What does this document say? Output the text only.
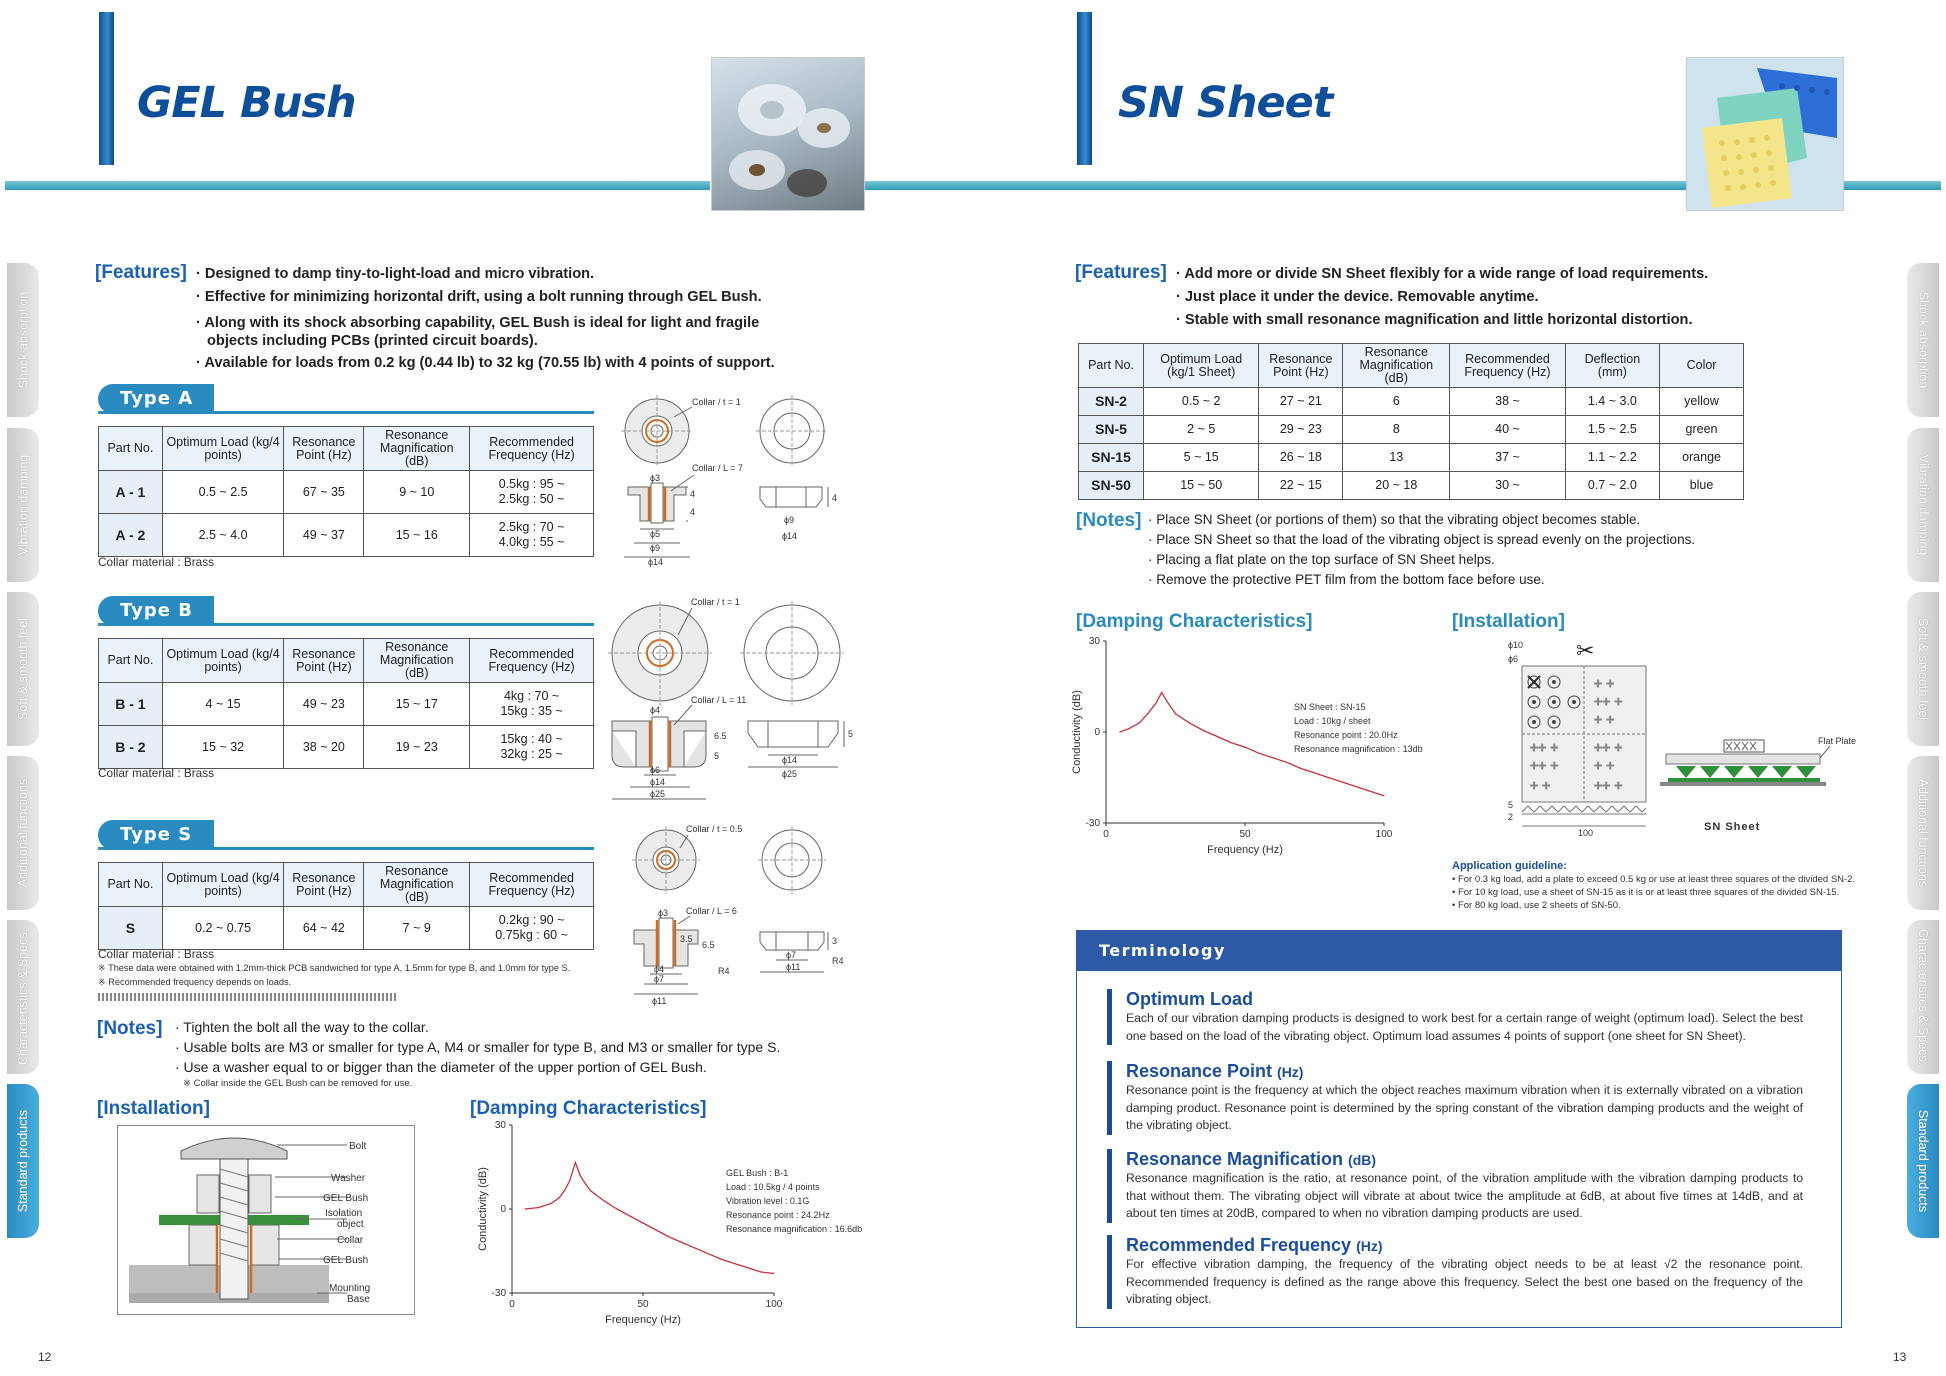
GEL Bush	SN Sheet
Shock absorption
Vibration damping
Soft & smooth feel
Additional functions
Characteristics & Specs.
Standard products
Shock absorption
Vibration damping
Soft & smooth feel
Additional functions
Characteristics & Specs.
Standard products
[Features] · Designed to damp tiny-to-light-load and micro vibration.
· Effective for minimizing horizontal drift, using a bolt running through GEL Bush.
· Along with its shock absorbing capability, GEL Bush is ideal for light and fragile
objects including PCBs (printed circuit boards).
· Available for loads from 0.2 kg (0.44 lb) to 32 kg (70.55 lb) with 4 points of support.
Type A
Part No.	Optimum Load (kg/4 points)	Resonance Point (Hz)	Resonance Magnification (dB)	Recommended Frequency (Hz)
A - 1	0.5 ~ 2.5	67 ~ 35	9 ~ 10	0.5kg : 95 ~
2.5kg : 50 ~

A - 2	2.5 ~ 4.0	49 ~ 37	15 ~ 16	2.5kg : 70 ~
4.0kg : 55 ~
Collar material : Brass
Collar / t = 1
Collar / L = 7
ϕ3
4
4
ϕ5
ϕ9
ϕ14
4
ϕ9
ϕ14
Type B
Part No.	Optimum Load (kg/4 points)	Resonance Point (Hz)	Resonance Magnification (dB)	Recommended Frequency (Hz)
B - 1	4 ~ 15	49 ~ 23	15 ~ 17	4kg : 70 ~
15kg : 35 ~

B - 2	15 ~ 32	38 ~ 20	19 ~ 23	15kg : 40 ~
32kg : 25 ~
Collar material : Brass
Collar / t = 1
Collar / L = 11
ϕ4
6.5
5
ϕ6
ϕ14
ϕ25
5
ϕ14
ϕ25
Type S
Part No.	Optimum Load (kg/4 points)	Resonance Point (Hz)	Resonance Magnification (dB)	Recommended Frequency (Hz)
S	0.2 ~ 0.75	64 ~ 42	7 ~ 9	0.2kg : 90 ~
0.75kg : 60 ~
Collar material : Brass
※ These data were obtained with 1.2mm-thick PCB sandwiched for type A, 1.5mm for type B, and 1.0mm for type S.
※ Recommended frequency depends on loads.
Collar / t = 0.5
Collar / L = 6
ϕ3
3.5
6.5
R4
ϕ4
ϕ7
ϕ11
3
R4
ϕ7
ϕ11
[Notes] · Tighten the bolt all the way to the collar.
· Usable bolts are M3 or smaller for type A, M4 or smaller for type B, and M3 or smaller for type S.
· Use a washer equal to or bigger than the diameter of the upper portion of GEL Bush.
※ Collar inside the GEL Bush can be removed for use.
[Installation]
Bolt
Washer
GEL Bush
Isolation
object
Collar
GEL Bush
Mounting
Base
[Damping Characteristics]
30
0
-30
0	50	100
Frequency (Hz)
Conductivity (dB)	GEL Bush : B-1
Load : 10.5kg / 4 points
Vibration level : 0.1G
Resonance point : 24.2Hz
Resonance magnification : 16.6db
[Features] · Add more or divide SN Sheet flexibly for a wide range of load requirements.
· Just place it under the device. Removable anytime.
· Stable with small resonance magnification and little horizontal distortion.
Part No.	Optimum Load (kg/1 Sheet)	Resonance Point (Hz)	Resonance Magnification (dB)	Recommended Frequency (Hz)	Deflection (mm)	Color
SN-2	0.5 ~ 2	27 ~ 21	6	38 ~	1.4 ~ 3.0	yellow
SN-5	2 ~ 5	29 ~ 23	8	40 ~	1.5 ~ 2.5	green
SN-15	5 ~ 15	26 ~ 18	13	37 ~	1.1 ~ 2.2	orange
SN-50	15 ~ 50	22 ~ 15	20 ~ 18	30 ~	0.7 ~ 2.0	blue
[Notes] · Place SN Sheet (or portions of them) so that the vibrating object becomes stable.
· Place SN Sheet so that the load of the vibrating object is spread evenly on the projections.
· Placing a flat plate on the top surface of SN Sheet helps.
· Remove the protective PET film from the bottom face before use.
[Damping Characteristics]
30
0
-30
0	50	100
Frequency (Hz)
Conductivity (dB)	SN Sheet : SN-15
Load : 10kg / sheet
Resonance point : 20.0Hz
Resonance magnification : 13db
[Installation]
ϕ10
ϕ6	✂
+ +
++ +
+ +
++ +	++ +
++ +	+ +
+ +	++ +
100
5
2
Flat Plate
SN Sheet
Application guideline:
• For 0.3 kg load, add a plate to exceed 0.5 kg or use at least three squares of the divided SN-2.
• For 10 kg load, use a sheet of SN-15 as it is or at least three squares of the divided SN-15.
• For 80 kg load, use 2 sheets of SN-50.
Terminology
Optimum Load

Each of our vibration damping products is designed to work best for a certain range of weight (optimum load). Select the best one based on the load of the vibrating object. Optimum load assumes 4 points of support (one sheet for SN Sheet).

Resonance Point (Hz)

Resonance point is the frequency at which the object reaches maximum vibration when it is externally vibrated on a vibration damping product. Resonance point is determined by the spring constant of the vibration damping products and the weight of the vibrating object.

Resonance Magnification (dB)

Resonance magnification is the ratio, at resonance point, of the vibration amplitude with the vibration damping products to that without them. The vibrating object will vibrate at about twice the amplitude at 6dB, at about five times at 14dB, and at about ten times at 20dB, compared to when no vibration damping products are used.

Recommended Frequency (Hz)

For effective vibration damping, the frequency of the vibrating object needs to be at least √2 the resonance point. Recommended frequency is defined as the range above this frequency. Select the best one based on the frequency of the vibrating object.

12	13
